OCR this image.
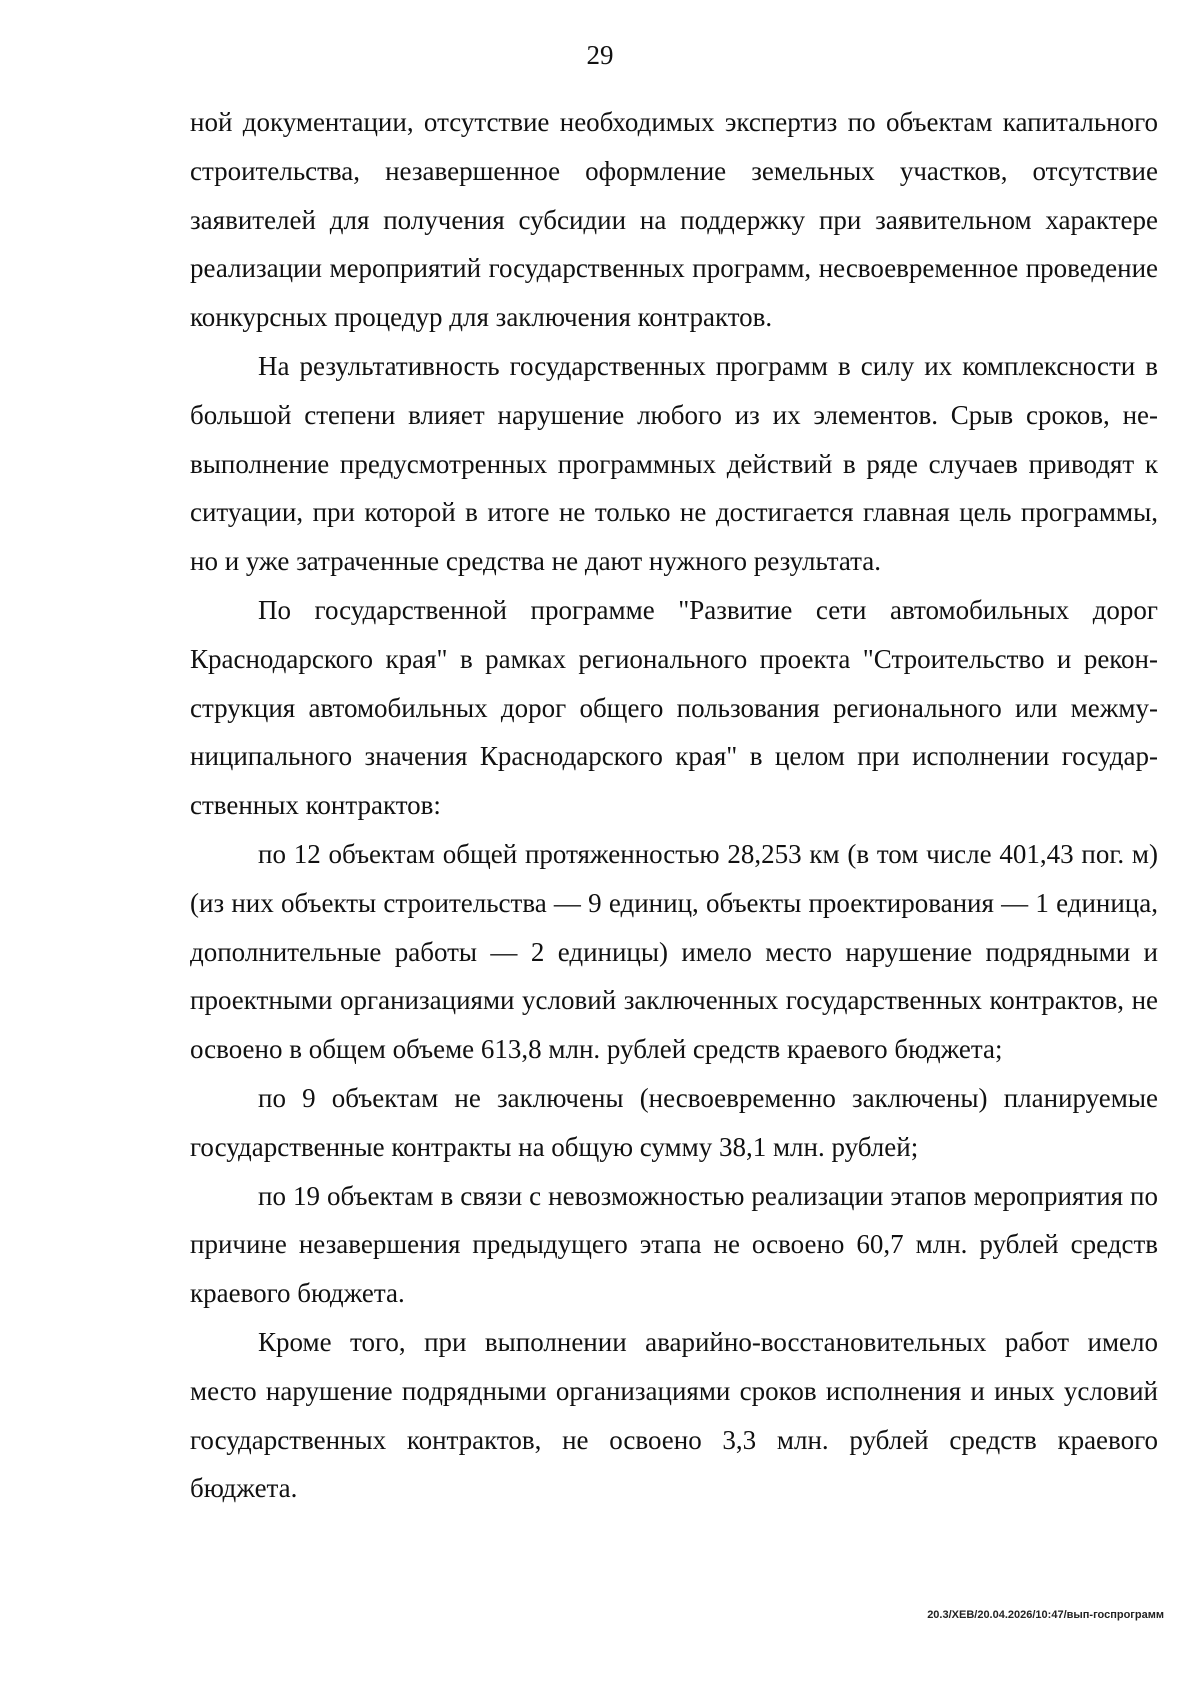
29

ной документации, отсутствие необходимых экспертиз по объектам капитального строительства, незавершенное оформление земельных участков, отсутствие заявителей для получения субсидии на поддержку при заявительном характере реализации мероприятий государственных программ, несвоевременное проведение конкурсных процедур для заключения контрактов.

На результативность государственных программ в силу их комплексности в большой степени влияет нарушение любого из их элементов. Срыв сроков, невыполнение предусмотренных программных действий в ряде случаев приводят к ситуации, при которой в итоге не только не достигается главная цель программы, но и уже затраченные средства не дают нужного результата.

По государственной программе "Развитие сети автомобильных дорог Краснодарского края" в рамках регионального проекта "Строительство и реконструкция автомобильных дорог общего пользования регионального или межмуниципального значения Краснодарского края" в целом при исполнении государственных контрактов:

по 12 объектам общей протяженностью 28,253 км (в том числе 401,43 пог. м) (из них объекты строительства — 9 единиц, объекты проектирования — 1 единица, дополнительные работы — 2 единицы) имело место нарушение подрядными и проектными организациями условий заключенных государственных контрактов, не освоено в общем объеме 613,8 млн. рублей средств краевого бюджета;

по 9 объектам не заключены (несвоевременно заключены) планируемые государственные контракты на общую сумму 38,1 млн. рублей;

по 19 объектам в связи с невозможностью реализации этапов мероприятия по причине незавершения предыдущего этапа не освоено 60,7 млн. рублей средств краевого бюджета.

Кроме того, при выполнении аварийно-восстановительных работ имело место нарушение подрядными организациями сроков исполнения и иных условий государственных контрактов, не освоено 3,3 млн. рублей средств краевого бюджета.

20.3/ХЕВ/20.04.2026/10:47/вып-госпрограмм
